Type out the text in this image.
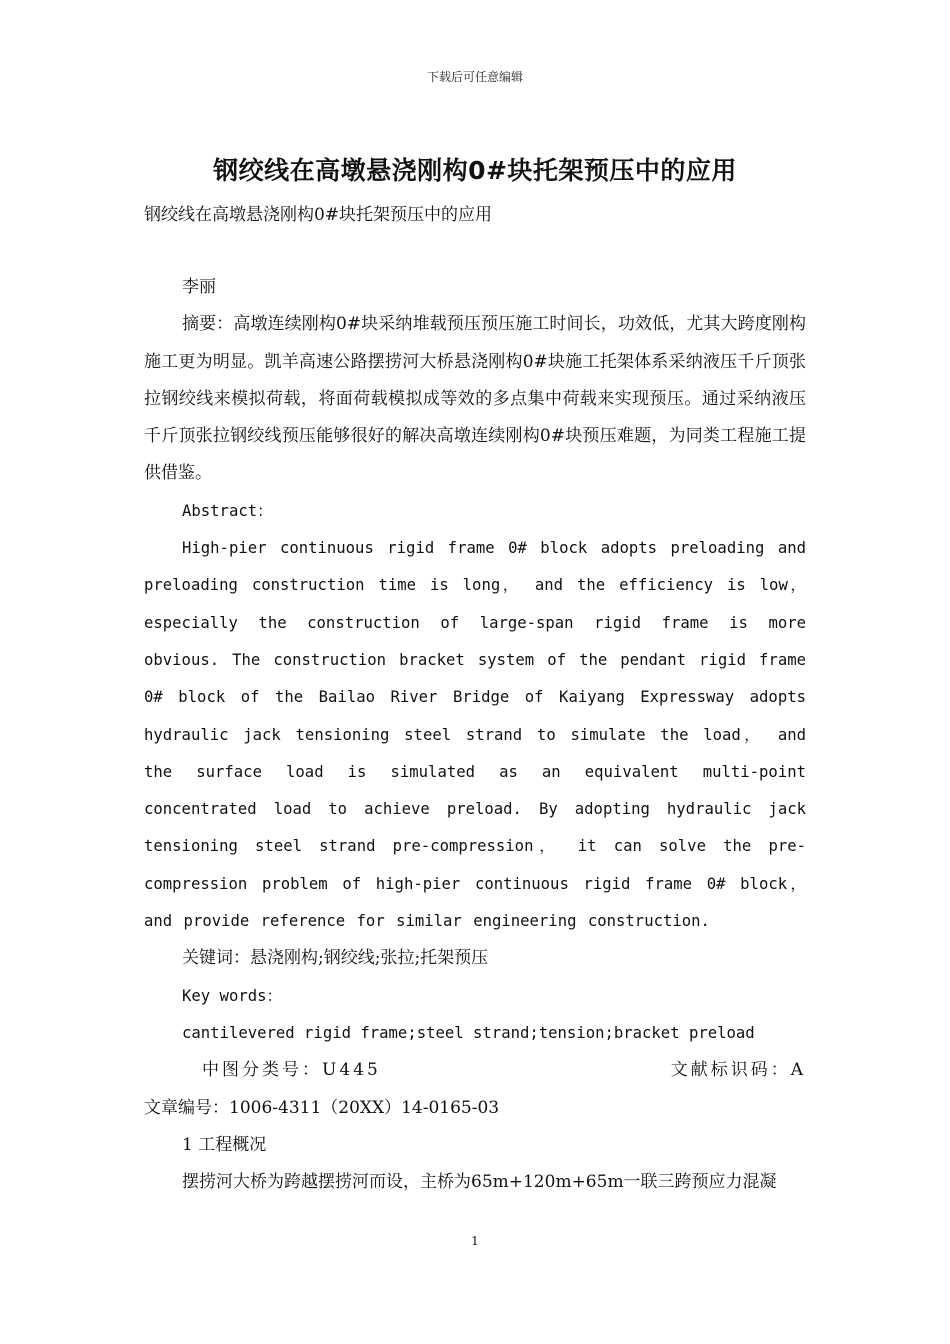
下载后可任意编辑
钢绞线在高墩悬浇刚构0#块托架预压中的应用
钢绞线在高墩悬浇刚构0#块托架预压中的应用

李丽

摘要：高墩连续刚构0#块采纳堆载预压预压施工时间长，功效低，尤其大跨度刚构施工更为明显。凯羊高速公路摆捞河大桥悬浇刚构0#块施工托架体系采纳液压千斤顶张拉钢绞线来模拟荷载，将面荷载模拟成等效的多点集中荷载来实现预压。通过采纳液压千斤顶张拉钢绞线预压能够很好的解决高墩连续刚构0#块预压难题，为同类工程施工提供借鉴。

Abstract：

High-pier continuous rigid frame 0# block adopts preloading and preloading construction time is long， and the efficiency is low， especially the construction of large-span rigid frame is more obvious. The construction bracket system of the pendant rigid frame 0# block of the Bailao River Bridge of Kaiyang Expressway adopts hydraulic jack tensioning steel strand to simulate the load， and the surface load is simulated as an equivalent multi-point concentrated load to achieve preload. By adopting hydraulic jack tensioning steel strand pre-compression， it can solve the pre-compression problem of high-pier continuous rigid frame 0# block， and provide reference for similar engineering construction.

关键词：悬浇刚构;钢绞线;张拉;托架预压

Key words：

cantilevered rigid frame;steel strand;tension;bracket preload

中图分类号：U445	文献标识码：A

文章编号：1006-4311（20XX）14-0165-03

1 工程概况

摆捞河大桥为跨越摆捞河而设，主桥为65m+120m+65m一联三跨预应力混凝

1
